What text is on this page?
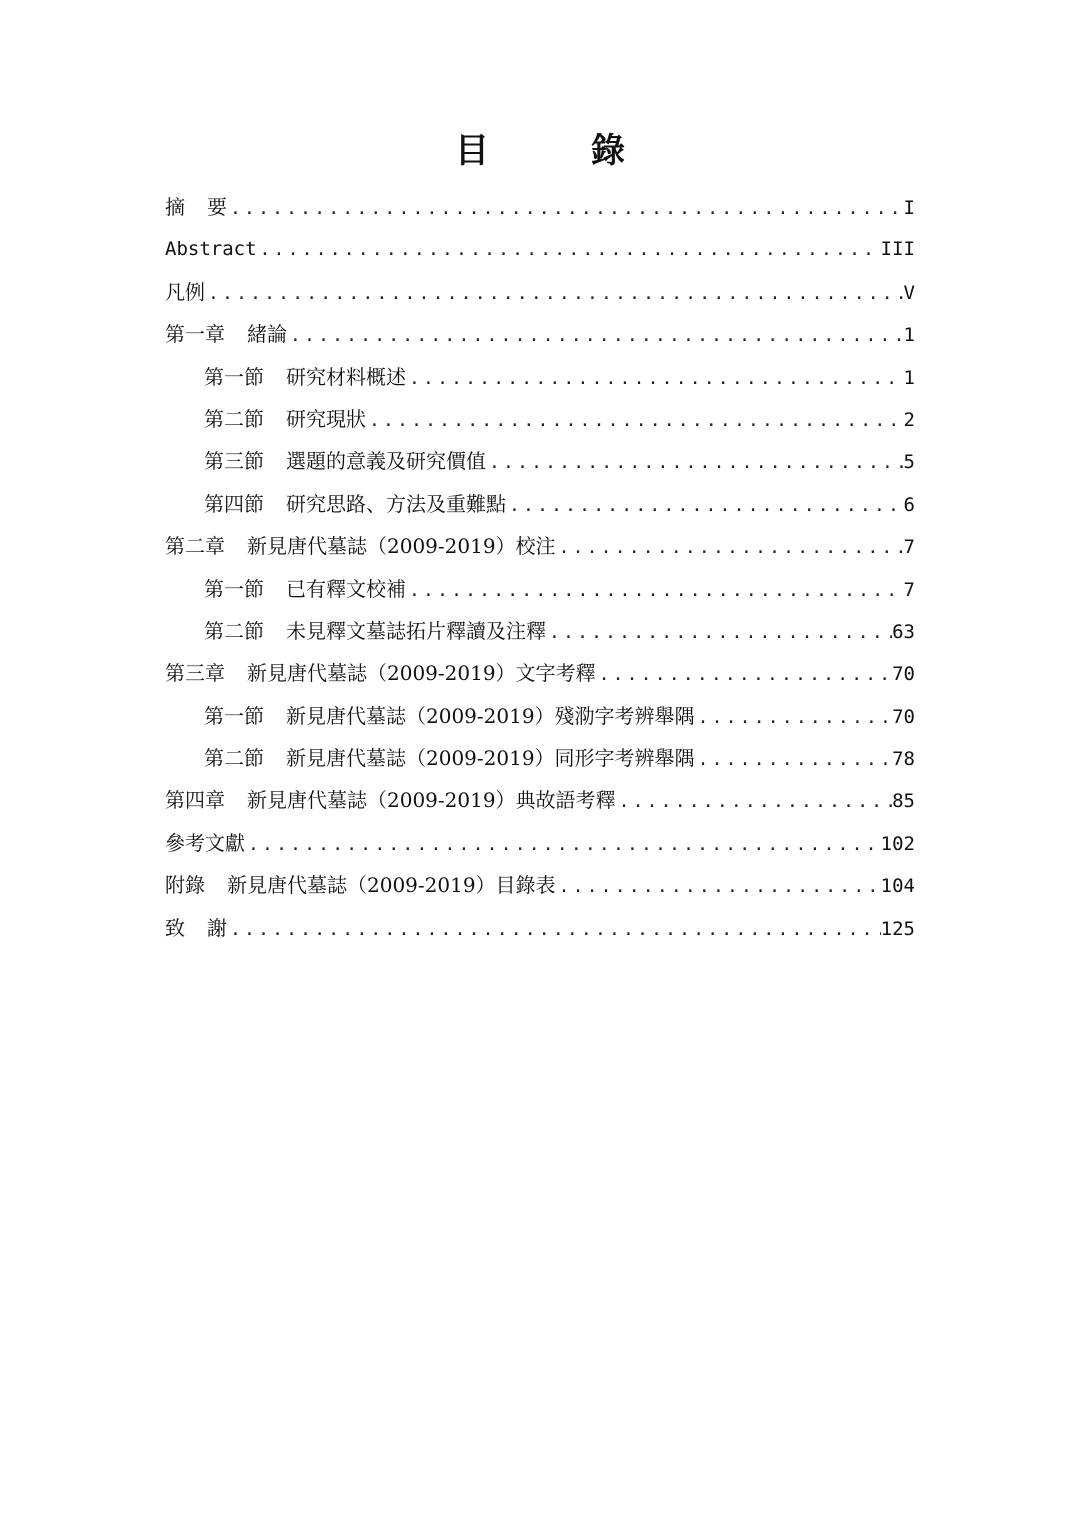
目　錄
摘 要 .....	I
Abstract .....	III
凡例 .....	V
第一章 緒論 .....	1
第一節 研究材料概述 .....	1
第二節 研究現狀 .....	2
第三節 選題的意義及研究價值 .....	5
第四節 研究思路、方法及重難點 .....	6
第二章 新見唐代墓誌（2009-2019）校注 .....	7
第一節 已有釋文校補 .....	7
第二節 未見釋文墓誌拓片釋讀及注釋 .....	63
第三章 新見唐代墓誌（2009-2019）文字考釋 .....	70
第一節 新見唐代墓誌（2009-2019）殘泐字考辨舉隅 .....	70
第二節 新見唐代墓誌（2009-2019）同形字考辨舉隅 .....	78
第四章 新見唐代墓誌（2009-2019）典故語考釋 .....	85
參考文獻 .....	102
附錄 新見唐代墓誌（2009-2019）目錄表 .....	104
致 謝 .....	125
